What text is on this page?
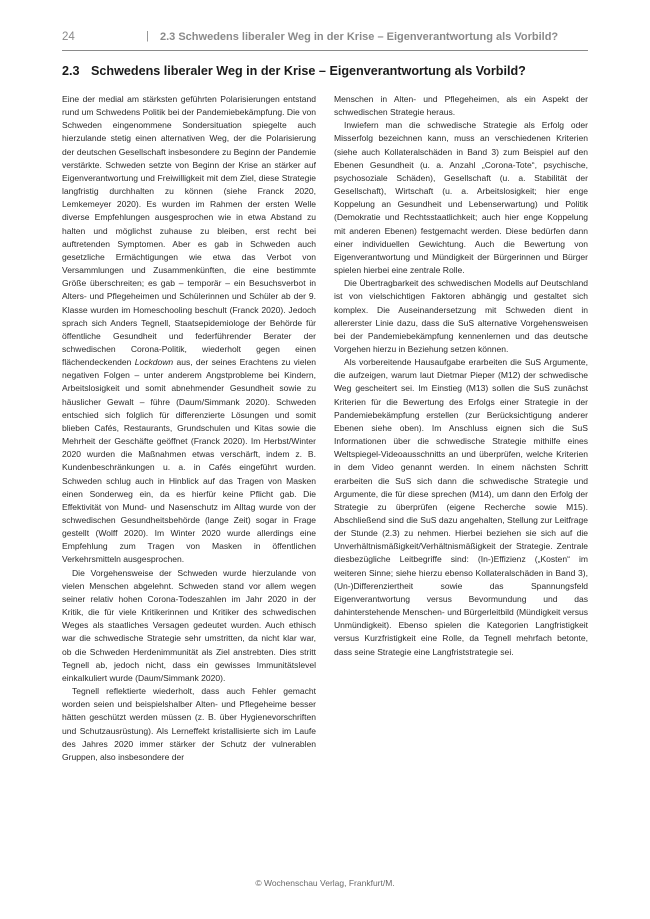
24	| 2.3 Schwedens liberaler Weg in der Krise – Eigenverantwortung als Vorbild?
2.3 Schwedens liberaler Weg in der Krise – Eigenverantwortung als Vorbild?

Eine der medial am stärksten geführten Polarisierungen entstand rund um Schwedens Politik bei der Pandemiebekämpfung. Die von Schweden eingenommene Sondersituation spiegelte auch hierzulande stetig einen alternativen Weg, der die Polarisierung der deutschen Gesellschaft insbesondere zu Beginn der Pandemie verstärkte. Schweden setzte von Beginn der Krise an stärker auf Eigenverantwortung und Freiwilligkeit mit dem Ziel, diese Strategie langfristig durchhalten zu können (siehe Franck 2020, Lemkemeyer 2020). Es wurden im Rahmen der ersten Welle diverse Empfehlungen ausgesprochen wie in etwa Abstand zu halten und möglichst zuhause zu bleiben, erst recht bei auftretenden Symptomen. Aber es gab in Schweden auch gesetzliche Ermächtigungen wie etwa das Verbot von Versammlungen und Zusammenkünften, die eine bestimmte Größe überschreiten; es gab – temporär – ein Besuchsverbot in Alters- und Pflegeheimen und Schülerinnen und Schüler ab der 9. Klasse wurden im Homeschooling beschult (Franck 2020). Jedoch sprach sich Anders Tegnell, Staatsepidemiologe der Behörde für öffentliche Gesundheit und federführender Berater der schwedischen Corona-Politik, wiederholt gegen einen flächendeckenden Lockdown aus, der seines Erachtens zu vielen negativen Folgen – unter anderem Angstprobleme bei Kindern, Arbeitslosigkeit und somit abnehmender Gesundheit sowie zu häuslicher Gewalt – führe (Daum/Simmank 2020). Schweden entschied sich folglich für differenzierte Lösungen und somit blieben Cafés, Restaurants, Grundschulen und Kitas sowie die Mehrheit der Geschäfte geöffnet (Franck 2020). Im Herbst/Winter 2020 wurden die Maßnahmen etwas verschärft, indem z. B. Kundenbeschränkungen u. a. in Cafés eingeführt wurden. Schweden schlug auch in Hinblick auf das Tragen von Masken einen Sonderweg ein, da es hierfür keine Pflicht gab. Die Effektivität von Mund- und Nasenschutz im Alltag wurde von der schwedischen Gesundheitsbehörde (lange Zeit) sogar in Frage gestellt (Wolff 2020). Im Winter 2020 wurde allerdings eine Empfehlung zum Tragen von Masken in öffentlichen Verkehrsmitteln ausgesprochen.

Die Vorgehensweise der Schweden wurde hierzulande von vielen Menschen abgelehnt. Schweden stand vor allem wegen seiner relativ hohen Corona-Todeszahlen im Jahr 2020 in der Kritik, die für viele Kritikerinnen und Kritiker des schwedischen Weges als staatliches Versagen gedeutet wurden. Auch ethisch war die schwedische Strategie sehr umstritten, da nicht klar war, ob die Schweden Herdenimmunität als Ziel anstrebten. Dies stritt Tegnell ab, jedoch nicht, dass ein gewisses Immunitätslevel einkalkuliert wurde (Daum/Simmank 2020).

Tegnell reflektierte wiederholt, dass auch Fehler gemacht worden seien und beispielshalber Alten- und Pflegeheime besser hätten geschützt werden müssen (z. B. über Hygienevorschriften und Schutzausrüstung). Als Lerneffekt kristallisierte sich im Laufe des Jahres 2020 immer stärker der Schutz der vulnerablen Gruppen, also insbesondere der

Menschen in Alten- und Pflegeheimen, als ein Aspekt der schwedischen Strategie heraus.

Inwiefern man die schwedische Strategie als Erfolg oder Misserfolg bezeichnen kann, muss an verschiedenen Kriterien (siehe auch Kollateralschäden in Band 3) zum Beispiel auf den Ebenen Gesundheit (u. a. Anzahl „Corona-Tote“, psychische, psychosoziale Schäden), Gesellschaft (u. a. Stabilität der Gesellschaft), Wirtschaft (u. a. Arbeitslosigkeit; hier enge Koppelung an Gesundheit und Lebenserwartung) und Politik (Demokratie und Rechtsstaatlichkeit; auch hier enge Koppelung mit anderen Ebenen) festgemacht werden. Diese bedürfen dann einer individuellen Gewichtung. Auch die Bewertung von Eigenverantwortung und Mündigkeit der Bürgerinnen und Bürger spielen hierbei eine zentrale Rolle.

Die Übertragbarkeit des schwedischen Modells auf Deutschland ist von vielschichtigen Faktoren abhängig und gestaltet sich komplex. Die Auseinandersetzung mit Schweden dient in allererster Linie dazu, dass die SuS alternative Vorgehensweisen bei der Pandemiebekämpfung kennenlernen und das deutsche Vorgehen hierzu in Beziehung setzen können.

Als vorbereitende Hausaufgabe erarbeiten die SuS Argumente, die aufzeigen, warum laut Dietmar Pieper (M12) der schwedische Weg gescheitert sei. Im Einstieg (M13) sollen die SuS zunächst Kriterien für die Bewertung des Erfolgs einer Strategie in der Pandemiebekämpfung erstellen (zur Berücksichtigung anderer Ebenen siehe oben). Im Anschluss eignen sich die SuS Informationen über die schwedische Strategie mithilfe eines Weltspiegel-Videoausschnitts an und überprüfen, welche Kriterien in dem Video genannt werden. In einem nächsten Schritt erarbeiten die SuS sich dann die schwedische Strategie und Argumente, die für diese sprechen (M14), um dann den Erfolg der Strategie zu überprüfen (eigene Recherche sowie M15). Abschließend sind die SuS dazu angehalten, Stellung zur Leitfrage der Stunde (2.3) zu nehmen. Hierbei beziehen sie sich auf die Unverhältnismäßigkeit/Verhältnismäßigkeit der Strategie. Zentrale diesbezügliche Leitbegriffe sind: (In-)Effizienz („Kosten“ im weiteren Sinne; siehe hierzu ebenso Kollateralschäden in Band 3), (Un-)Differenziertheit sowie das Spannungsfeld Eigenverantwortung versus Bevormundung und das dahinterstehende Menschen- und Bürgerleitbild (Mündigkeit versus Unmündigkeit). Ebenso spielen die Kategorien Langfristigkeit versus Kurzfristigkeit eine Rolle, da Tegnell mehrfach betonte, dass seine Strategie eine Langfriststrategie sei.

© Wochenschau Verlag, Frankfurt/M.
